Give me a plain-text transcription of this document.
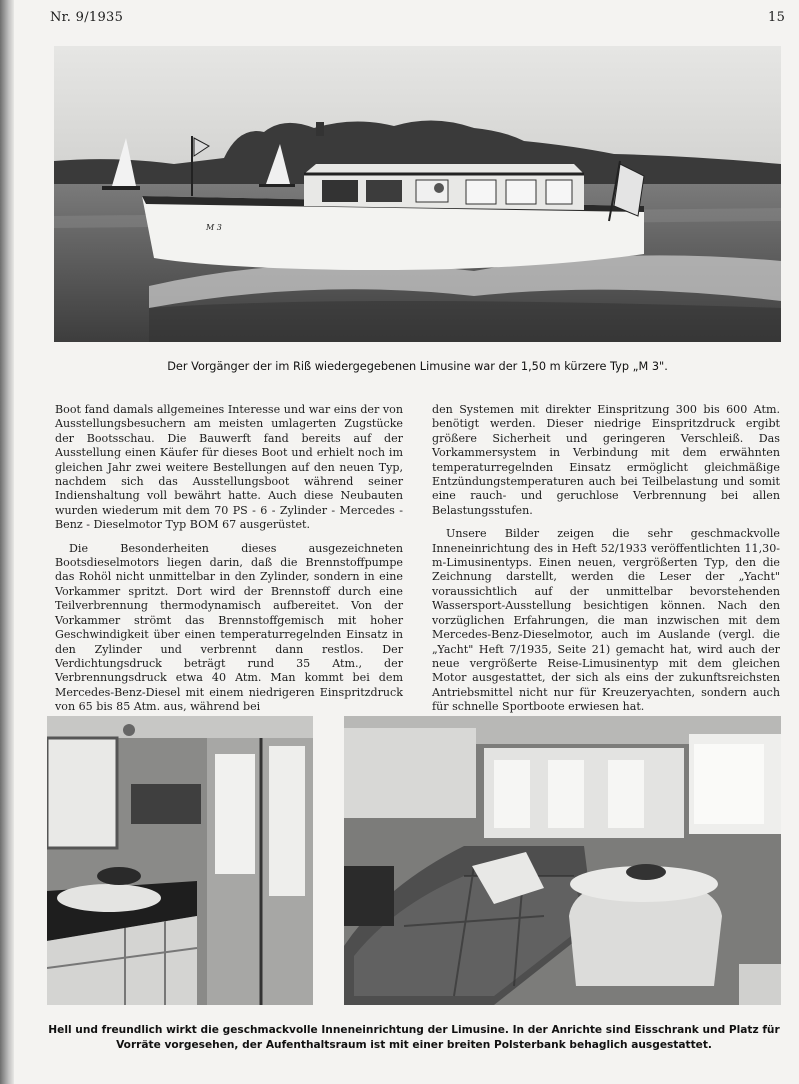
Nr. 9/1935	15
M 3
Der Vorgänger der im Riß wiedergegebenen Limusine war der 1,50 m kürzere Typ „M 3".

Boot fand damals allgemeines Interesse und war eins der von Ausstellungsbesuchern am meisten umlagerten Zugstücke der Bootsschau. Die Bauwerft fand bereits auf der Ausstellung einen Käufer für dieses Boot und erhielt noch im gleichen Jahr zwei weitere Bestellungen auf den neuen Typ, nachdem sich das Ausstellungsboot während seiner Indienshaltung voll bewährt hatte. Auch diese Neubauten wurden wiederum mit dem 70 PS - 6 - Zylinder - Mercedes - Benz - Dieselmotor Typ BOM 67 ausgerüstet.

Die Besonderheiten dieses ausgezeichneten Bootsdieselmotors liegen darin, daß die Brennstoffpumpe das Rohöl nicht unmittelbar in den Zylinder, sondern in eine Vorkammer spritzt. Dort wird der Brennstoff durch eine Teilverbrennung thermodynamisch aufbereitet. Von der Vorkammer strömt das Brennstoffgemisch mit hoher Geschwindigkeit über einen temperaturregelnden Einsatz in den Zylinder und verbrennt dann restlos. Der Verdichtungsdruck beträgt rund 35 Atm., der Verbrennungsdruck etwa 40 Atm. Man kommt bei dem Mercedes-Benz-Diesel mit einem niedrigeren Einspritzdruck von 65 bis 85 Atm. aus, während bei

den Systemen mit direkter Einspritzung 300 bis 600 Atm. benötigt werden. Dieser niedrige Einspritzdruck ergibt größere Sicherheit und geringeren Verschleiß. Das Vorkammersystem in Verbindung mit dem erwähnten temperaturregelnden Einsatz ermöglicht gleichmäßige Entzündungstemperaturen auch bei Teilbelastung und somit eine rauch- und geruchlose Verbrennung bei allen Belastungsstufen.

Unsere Bilder zeigen die sehr geschmackvolle Inneneinrichtung des in Heft 52/1933 veröffentlichten 11,30-m-Limusinentyps. Einen neuen, vergrößerten Typ, den die Zeichnung darstellt, werden die Leser der „Yacht" voraussichtlich auf der unmittelbar bevorstehenden Wassersport-Ausstellung besichtigen können. Nach den vorzüglichen Erfahrungen, die man inzwischen mit dem Mercedes-Benz-Dieselmotor, auch im Auslande (vergl. die „Yacht" Heft 7/1935, Seite 21) gemacht hat, wird auch der neue vergrößerte Reise-Limusinentyp mit dem gleichen Motor ausgestattet, der sich als eins der zukunftsreichsten Antriebsmittel nicht nur für Kreuzeryachten, sondern auch für schnelle Sportboote erwiesen hat.

Hell und freundlich wirkt die geschmackvolle Inneneinrichtung der Limusine. In der Anrichte sind Eisschrank und Platz für
Vorräte vorgesehen, der Aufenthaltsraum ist mit einer breiten Polsterbank behaglich ausgestattet.
